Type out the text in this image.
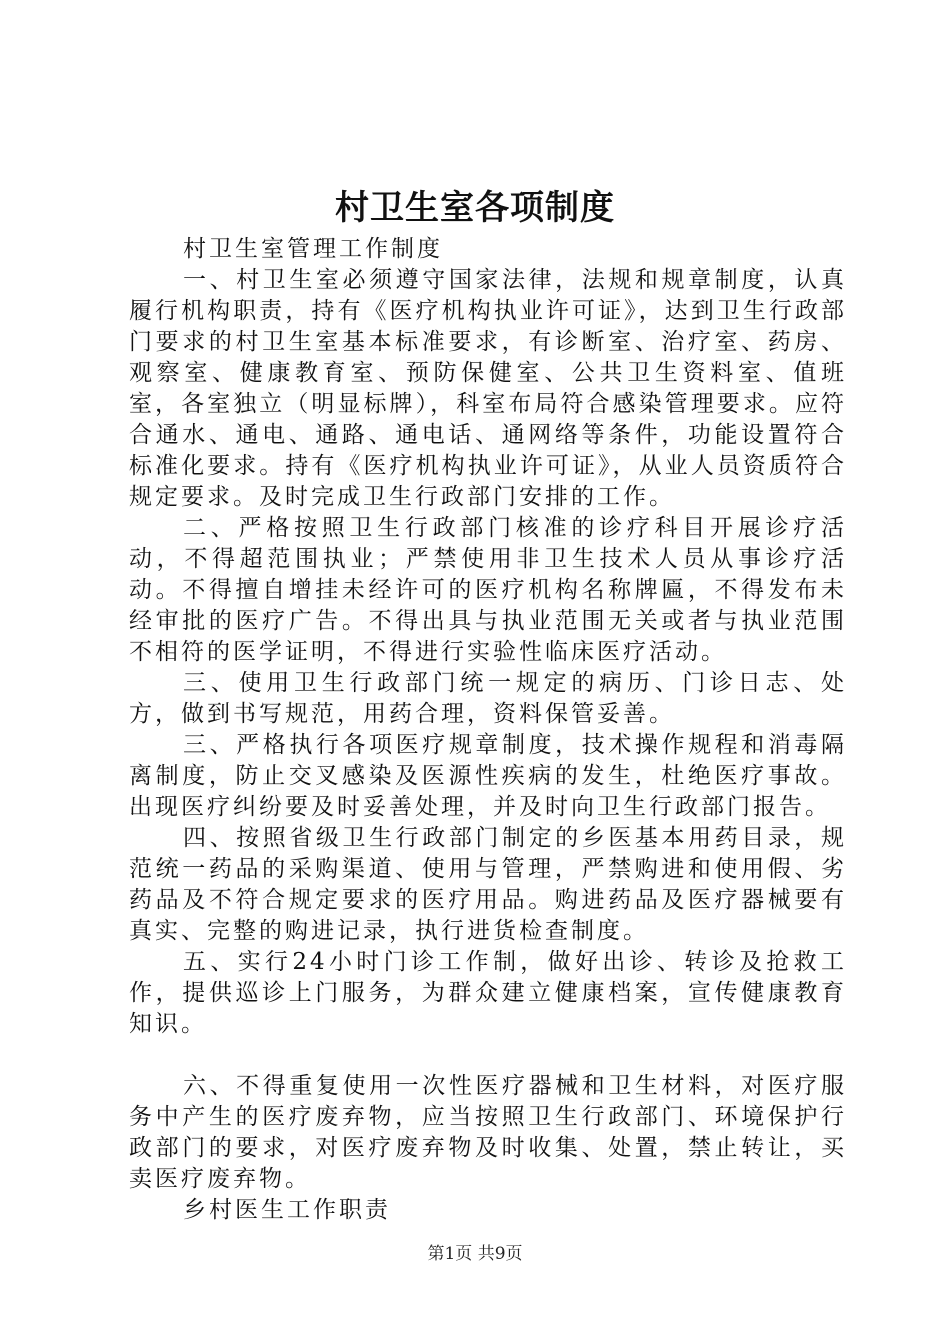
村卫生室各项制度

村卫生室管理工作制度

一、村卫生室必须遵守国家法律，法规和规章制度，认真履行机构职责，持有《医疗机构执业许可证》，达到卫生行政部门要求的村卫生室基本标准要求，有诊断室、治疗室、药房、观察室、健康教育室、预防保健室、公共卫生资料室、值班室，各室独立（明显标牌），科室布局符合感染管理要求。应符合通水、通电、通路、通电话、通网络等条件，功能设置符合标准化要求。持有《医疗机构执业许可证》，从业人员资质符合规定要求。及时完成卫生行政部门安排的工作。

二、严格按照卫生行政部门核准的诊疗科目开展诊疗活动，不得超范围执业；严禁使用非卫生技术人员从事诊疗活动。不得擅自增挂未经许可的医疗机构名称牌匾，不得发布未经审批的医疗广告。不得出具与执业范围无关或者与执业范围不相符的医学证明，不得进行实验性临床医疗活动。

三、使用卫生行政部门统一规定的病历、门诊日志、处方，做到书写规范，用药合理，资料保管妥善。

三、严格执行各项医疗规章制度，技术操作规程和消毒隔离制度，防止交叉感染及医源性疾病的发生，杜绝医疗事故。出现医疗纠纷要及时妥善处理，并及时向卫生行政部门报告。

四、按照省级卫生行政部门制定的乡医基本用药目录，规范统一药品的采购渠道、使用与管理，严禁购进和使用假、劣药品及不符合规定要求的医疗用品。购进药品及医疗器械要有真实、完整的购进记录，执行进货检查制度。

五、实行24小时门诊工作制，做好出诊、转诊及抢救工作，提供巡诊上门服务，为群众建立健康档案，宣传健康教育知识。

六、不得重复使用一次性医疗器械和卫生材料，对医疗服务中产生的医疗废弃物，应当按照卫生行政部门、环境保护行政部门的要求，对医疗废弃物及时收集、处置，禁止转让，买卖医疗废弃物。

乡村医生工作职责

第1页 共9页
